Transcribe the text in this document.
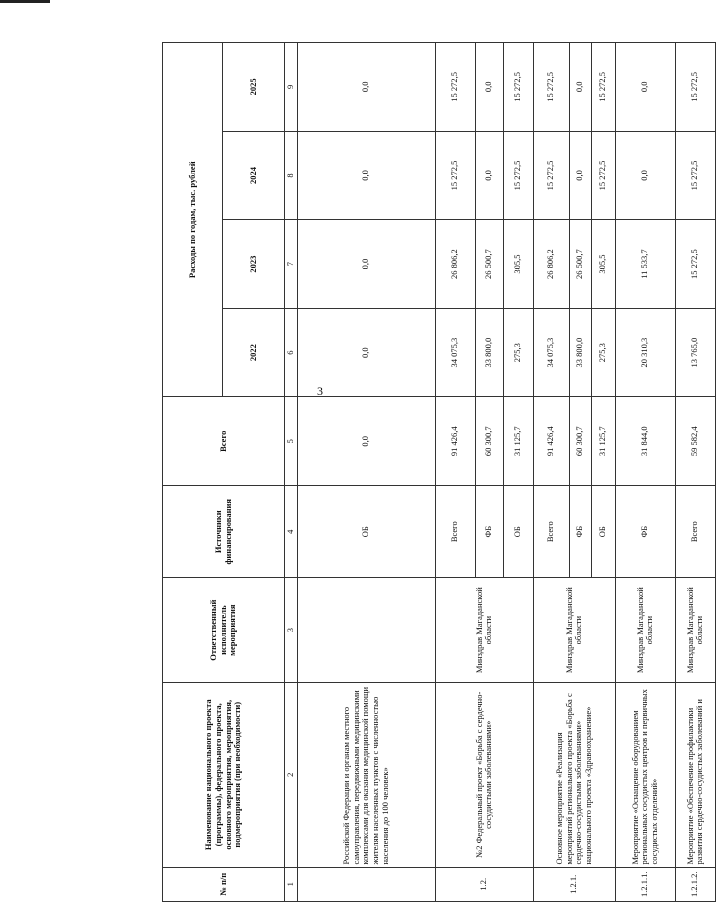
3
№ п/п	Наименование национального проекта (программы), федерального проекта, основного мероприятия, мероприятия, подмероприятия (при необходимости)	Ответственный исполнитель мероприятия	Источники финансирования	Всего	Расходы по годам, тыс. рублей			
					2022	2023	2024	2025
1	2	3	4	5	6	7	8	9
	Российской Федерации и органам местного самоуправления, передвижными медицинскими комплексами для оказания медицинской помощи жителям населенных пунктов с численностью населения до 100 человек»		ОБ	0,0	0,0	0,0	0,0	0,0
1.2.	№2 Федеральный проект «Борьба с сердечно-сосудистыми заболеваниями»	Минздрав Магаданской области	Всего	91 426,4	34 075,3	26 806,2	15 272,5	15 272,5
			ФБ	60 300,7	33 800,0	26 500,7	0,0	0,0
			ОБ	31 125,7	275,3	305,5	15 272,5	15 272,5
1.2.1.	Основное мероприятие «Реализация мероприятий регионального проекта «Борьба с сердечно-сосудистыми заболеваниями» национального проекта «Здравоохранение»	Минздрав Магаданской области	Всего	91 426,4	34 075,3	26 806,2	15 272,5	15 272,5
			ФБ	60 300,7	33 800,0	26 500,7	0,0	0,0
			ОБ	31 125,7	275,3	305,5	15 272,5	15 272,5
1.2.1.1.	Мероприятие «Оснащение оборудованием региональных сосудистых центров и первичных сосудистых отделений»	Минздрав Магаданской области	ФБ	31 844,0	20 310,3	11 533,7	0,0	0,0
1.2.1.2.	Мероприятие «Обеспечение профилактики развития сердечно-сосудистых заболеваний и	Минздрав Магаданской области	Всего	59 582,4	13 765,0	15 272,5	15 272,5	15 272,5
